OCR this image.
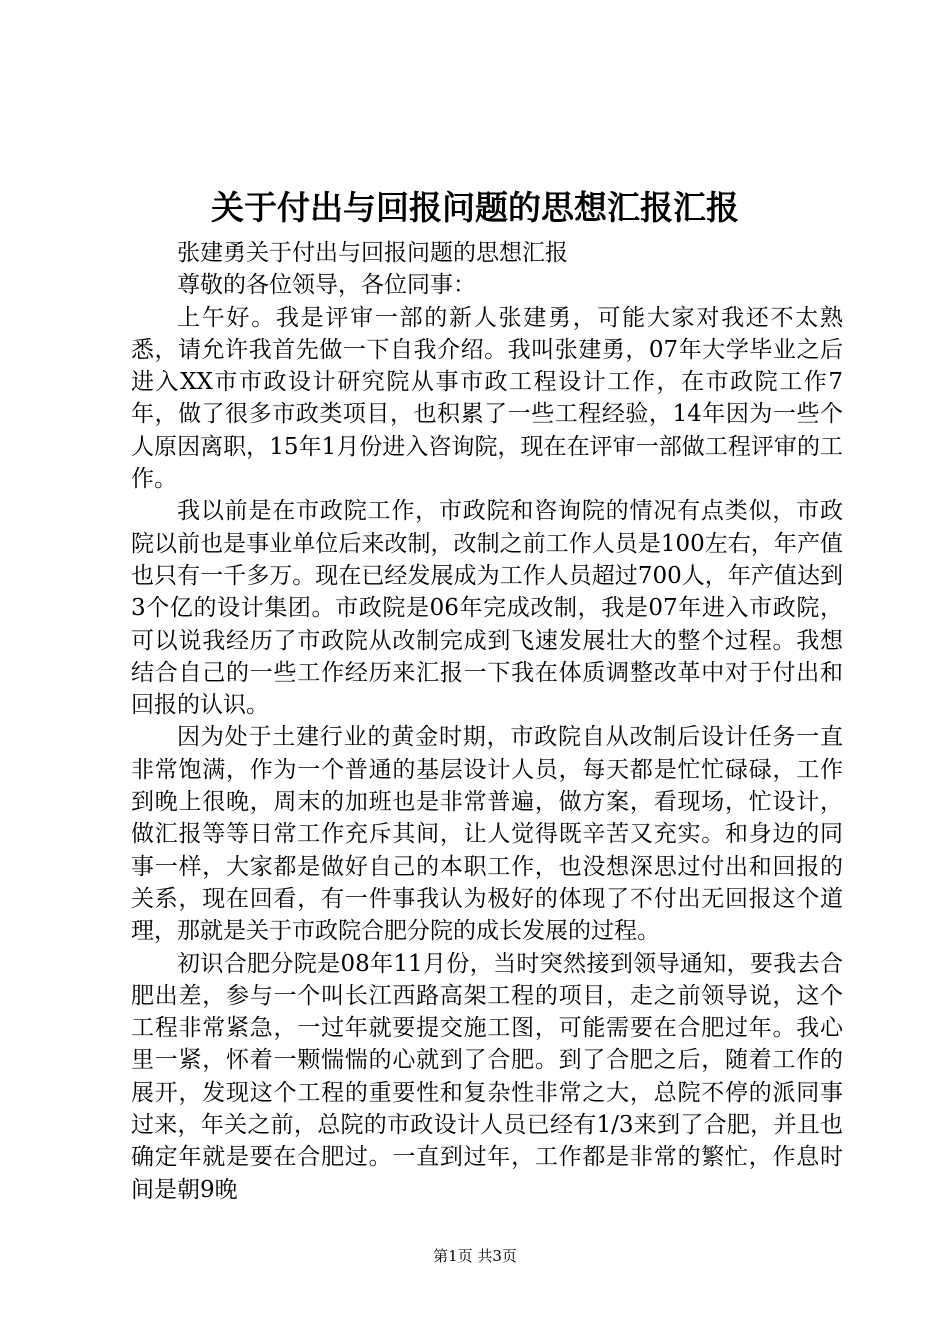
关于付出与回报问题的思想汇报汇报

张建勇关于付出与回报问题的思想汇报

尊敬的各位领导，各位同事：

上午好。我是评审一部的新人张建勇，可能大家对我还不太熟悉，请允许我首先做一下自我介绍。我叫张建勇，07年大学毕业之后进入XX市市政设计研究院从事市政工程设计工作，在市政院工作7年，做了很多市政类项目，也积累了一些工程经验，14年因为一些个人原因离职，15年1月份进入咨询院，现在在评审一部做工程评审的工作。

我以前是在市政院工作，市政院和咨询院的情况有点类似，市政院以前也是事业单位后来改制，改制之前工作人员是100左右，年产值也只有一千多万。现在已经发展成为工作人员超过700人，年产值达到3个亿的设计集团。市政院是06年完成改制，我是07年进入市政院，可以说我经历了市政院从改制完成到飞速发展壮大的整个过程。我想结合自己的一些工作经历来汇报一下我在体质调整改革中对于付出和回报的认识。

因为处于土建行业的黄金时期，市政院自从改制后设计任务一直非常饱满，作为一个普通的基层设计人员，每天都是忙忙碌碌，工作到晚上很晚，周末的加班也是非常普遍，做方案，看现场，忙设计，做汇报等等日常工作充斥其间，让人觉得既辛苦又充实。和身边的同事一样，大家都是做好自己的本职工作，也没想深思过付出和回报的关系，现在回看，有一件事我认为极好的体现了不付出无回报这个道理，那就是关于市政院合肥分院的成长发展的过程。

初识合肥分院是08年11月份，当时突然接到领导通知，要我去合肥出差，参与一个叫长江西路高架工程的项目，走之前领导说，这个工程非常紧急，一过年就要提交施工图，可能需要在合肥过年。我心里一紧，怀着一颗惴惴的心就到了合肥。到了合肥之后，随着工作的展开，发现这个工程的重要性和复杂性非常之大，总院不停的派同事过来，年关之前，总院的市政设计人员已经有1/3来到了合肥，并且也确定年就是要在合肥过。一直到过年，工作都是非常的繁忙，作息时间是朝9晚

第1页 共3页
